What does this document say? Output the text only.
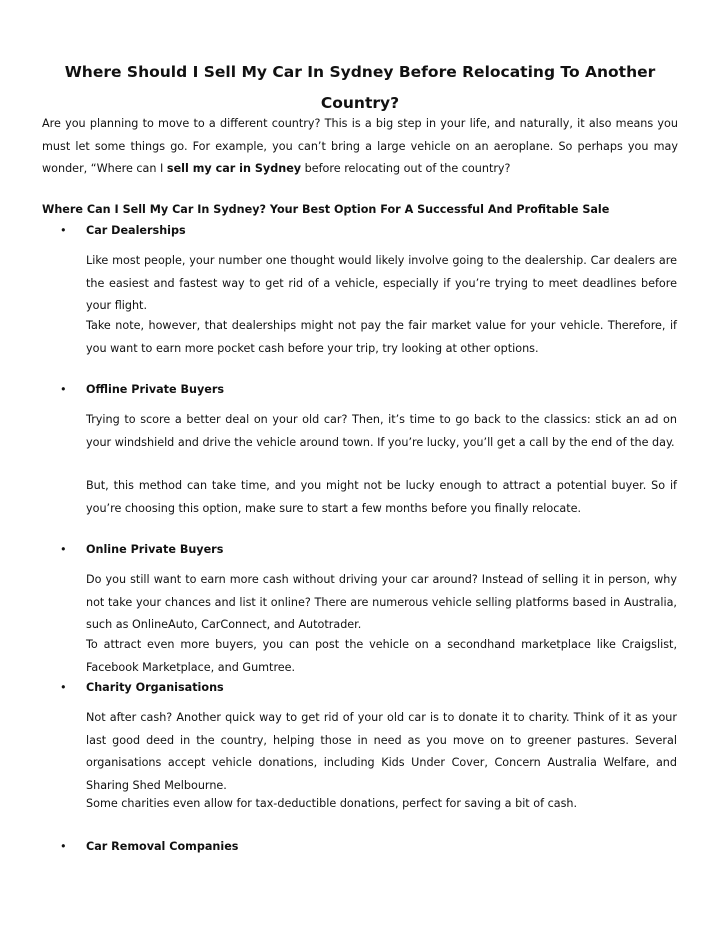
Where Should I Sell My Car In Sydney Before Relocating To Another Country?

Are you planning to move to a different country? This is a big step in your life, and naturally, it also means you must let some things go. For example, you can’t bring a large vehicle on an aeroplane. So perhaps you may wonder, “Where can I sell my car in Sydney before relocating out of the country?

Where Can I Sell My Car In Sydney? Your Best Option For A Successful And Profitable Sale
• Car Dealerships

Like most people, your number one thought would likely involve going to the dealership. Car dealers are the easiest and fastest way to get rid of a vehicle, especially if you’re trying to meet deadlines before your flight.

Take note, however, that dealerships might not pay the fair market value for your vehicle. Therefore, if you want to earn more pocket cash before your trip, try looking at other options.

• Offline Private Buyers

Trying to score a better deal on your old car? Then, it’s time to go back to the classics: stick an ad on your windshield and drive the vehicle around town. If you’re lucky, you’ll get a call by the end of the day.

But, this method can take time, and you might not be lucky enough to attract a potential buyer. So if you’re choosing this option, make sure to start a few months before you finally relocate.

• Online Private Buyers

Do you still want to earn more cash without driving your car around? Instead of selling it in person, why not take your chances and list it online? There are numerous vehicle selling platforms based in Australia, such as OnlineAuto, CarConnect, and Autotrader.

To attract even more buyers, you can post the vehicle on a secondhand marketplace like Craigslist, Facebook Marketplace, and Gumtree.

• Charity Organisations

Not after cash? Another quick way to get rid of your old car is to donate it to charity. Think of it as your last good deed in the country, helping those in need as you move on to greener pastures. Several organisations accept vehicle donations, including Kids Under Cover, Concern Australia Welfare, and Sharing Shed Melbourne.

Some charities even allow for tax-deductible donations, perfect for saving a bit of cash.

• Car Removal Companies
